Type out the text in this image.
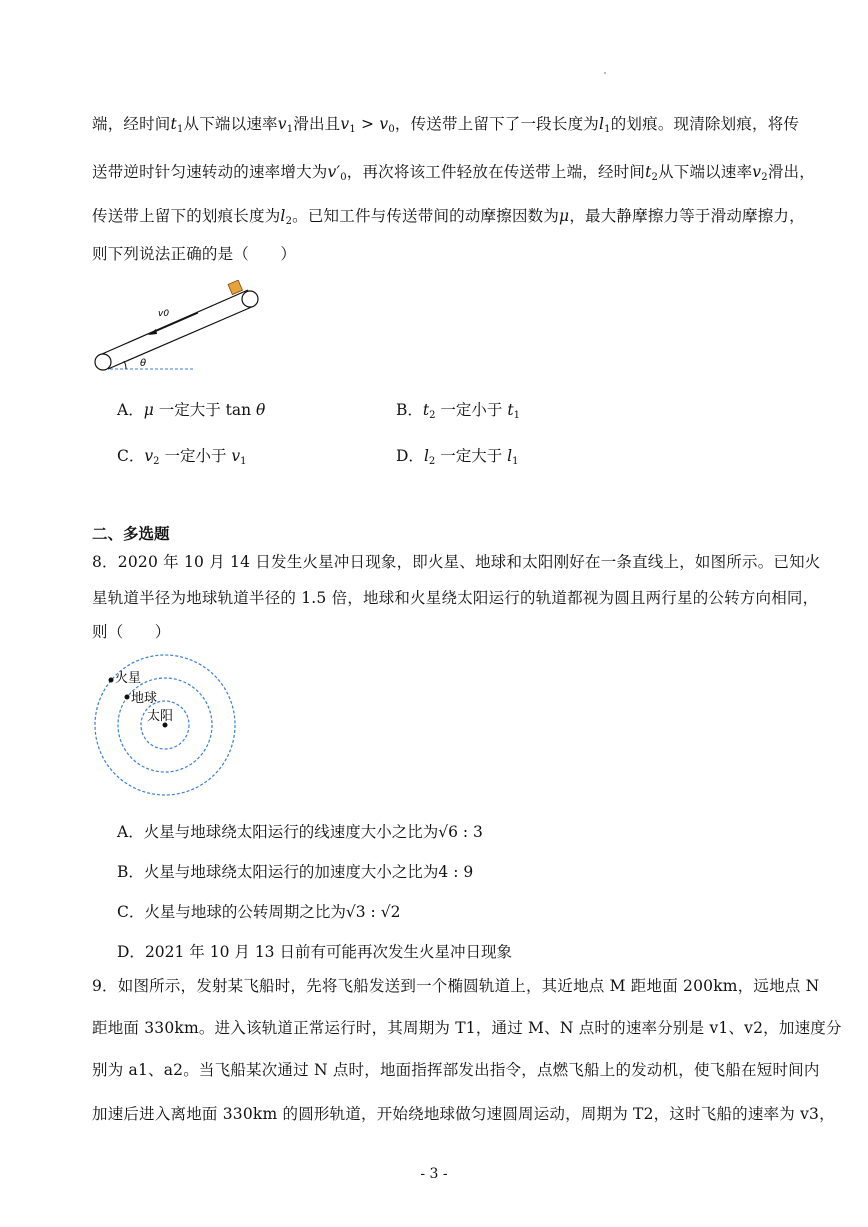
端，经时间$t_1$从下端以速率$v_1$滑出且$v_1 > v_0$，传送带上留下了一段长度为$l_1$的划痕。现清除划痕，将传
送带逆时针匀速转动的速率增大为$v'_0$，再次将该工件轻放在传送带上端，经时间$t_2$从下端以速率$v_2$滑出，
传送带上留下的划痕长度为$l_2$。已知工件与传送带间的动摩擦因数为μ，最大静摩擦力等于滑动摩擦力，
则下列说法正确的是（　　）
v0
θ
A．μ 一定大于 tan θ	B．$t_2$ 一定小于 $t_1$
C．$v_2$ 一定小于 $v_1$	D．$l_2$ 一定大于 $l_1$
二、多选题
8．2020 年 10 月 14 日发生火星冲日现象，即火星、地球和太阳刚好在一条直线上，如图所示。已知火
星轨道半径为地球轨道半径的 1.5 倍，地球和火星绕太阳运行的轨道都视为圆且两行星的公转方向相同，
则（　　）
火星
地球
太阳
A．火星与地球绕太阳运行的线速度大小之比为√6 : 3
B．火星与地球绕太阳运行的加速度大小之比为4 : 9
C．火星与地球的公转周期之比为√3 : √2
D．2021 年 10 月 13 日前有可能再次发生火星冲日现象
9．如图所示，发射某飞船时，先将飞船发送到一个椭圆轨道上，其近地点 M 距地面 200km，远地点 N
距地面 330km。进入该轨道正常运行时，其周期为 T1，通过 M、N 点时的速率分别是 v1、v2，加速度分
别为 a1、a2。当飞船某次通过 N 点时，地面指挥部发出指令，点燃飞船上的发动机，使飞船在短时间内
加速后进入离地面 330km 的圆形轨道，开始绕地球做匀速圆周运动，周期为 T2，这时飞船的速率为 v3，
- 3 -
